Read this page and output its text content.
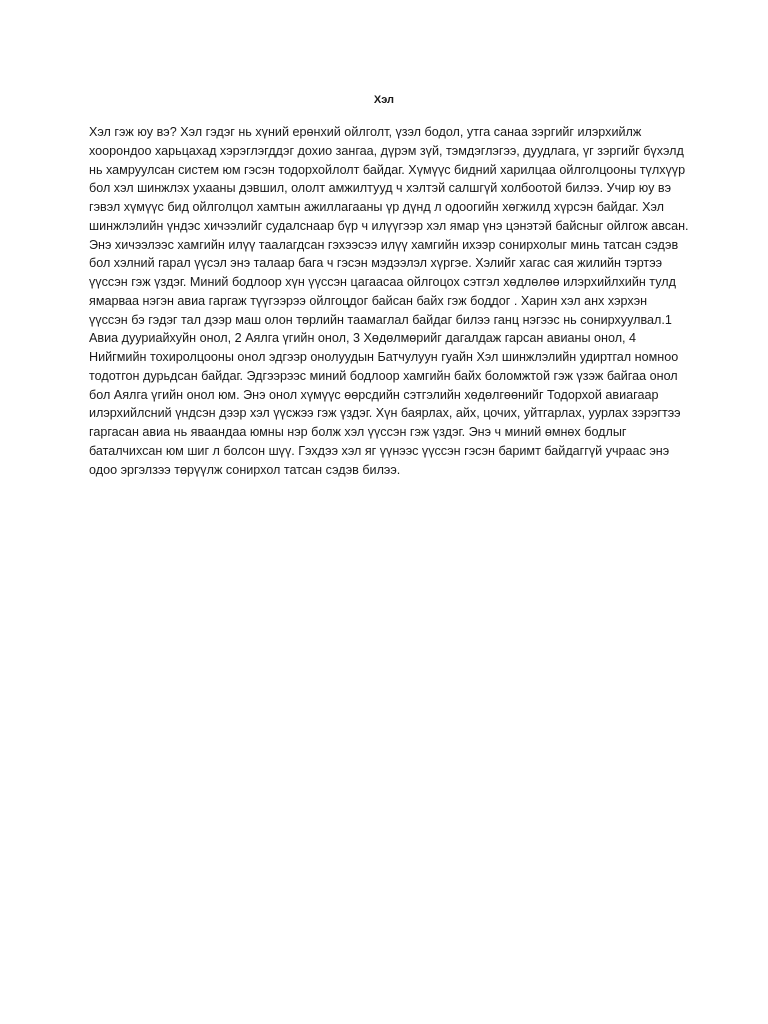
Хэл

Хэл гэж юу вэ? Хэл гэдэг нь хүний ерөнхий ойлголт, үзэл бодол, утга санаа зэргийг илэрхийлж хоорондоо харьцахад хэрэглэгддэг дохио зангаа, дүрэм зүй, тэмдэглэгээ, дуудлага, үг зэргийг бүхэлд нь хамруулсан систем юм гэсэн тодорхойлолт байдаг. Хүмүүс бидний харилцаа ойлголцооны түлхүүр бол хэл шинжлэх ухааны дэвшил, ололт амжилтууд ч хэлтэй салшгүй холбоотой билээ. Учир юу вэ гэвэл хүмүүс бид ойлголцол хамтын ажиллагааны үр дүнд л одоогийн хөгжилд хүрсэн байдаг. Хэл шинжлэлийн үндэс хичээлийг судалснаар бүр ч илүүгээр хэл ямар үнэ цэнэтэй байсныг ойлгож авсан. Энэ хичээлээс хамгийн илүү таалагдсан гэхээсээ илүү хамгийн ихээр сонирхолыг минь татсан сэдэв бол хэлний гарал үүсэл энэ талаар бага ч гэсэн мэдээлэл хүргэе. Хэлийг хагас сая жилийн тэртээ үүссэн гэж үздэг. Миний бодлоор хүн үүссэн цагаасаа ойлгоцох сэтгэл хөдлөлөө илэрхийлхийн тулд ямарваа нэгэн авиа гаргаж түүгээрээ ойлгоцдог байсан байх гэж боддог . Харин хэл анх хэрхэн үүссэн бэ гэдэг тал дээр маш олон төрлийн таамаглал байдаг билээ ганц нэгээс нь сонирхуулвал.1 Авиа дууриайхуйн онол, 2 Аялга үгийн онол, 3 Хөдөлмөрийг дагалдаж гарсан авианы онол, 4 Нийгмийн тохиролцооны онол эдгээр онолуудын Батчулуун гуайн Хэл шинжлэлийн удиртгал номноо тодотгон дурьдсан байдаг. Эдгээрээс миний бодлоор хамгийн байх боломжтой гэж үзэж байгаа онол бол Аялга үгийн онол юм. Энэ онол хүмүүс өөрсдийн сэтгэлийн хөдөлгөөнийг Тодорхой авиагаар илэрхийлсний үндсэн дээр хэл үүсжээ гэж үздэг. Хүн баярлах, айх, цочих, уйтгарлах, уурлах зэрэгтээ гаргасан авиа нь яваандаа юмны нэр болж хэл үүссэн гэж үздэг. Энэ ч миний өмнөх бодлыг баталчихсан юм шиг л болсон шүү. Гэхдээ хэл яг үүнээс үүссэн гэсэн баримт байдаггүй учраас энэ одоо эргэлзээ төрүүлж сонирхол татсан сэдэв билээ.
